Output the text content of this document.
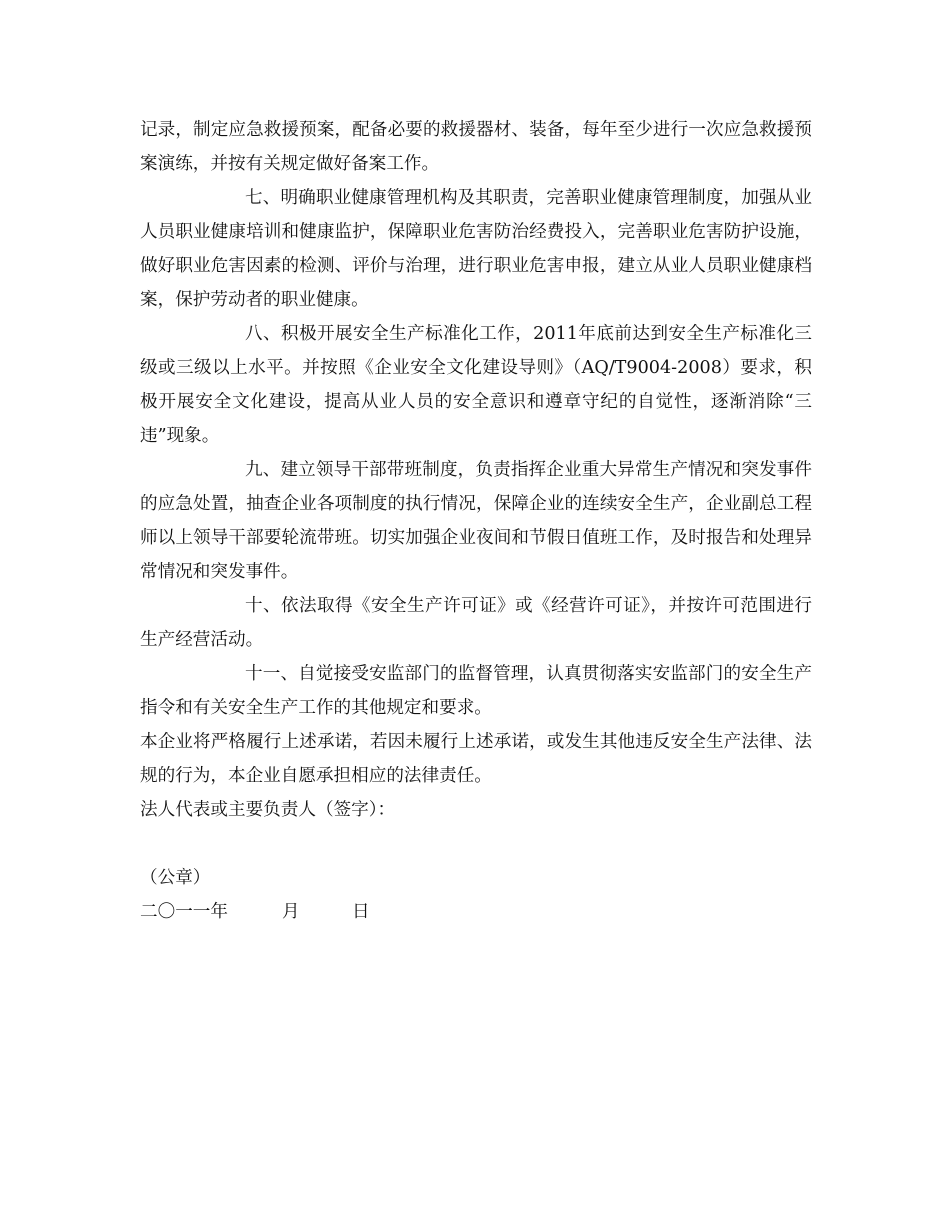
记录，制定应急救援预案，配备必要的救援器材、装备，每年至少进行一次应急救援预案演练，并按有关规定做好备案工作。

七、明确职业健康管理机构及其职责，完善职业健康管理制度，加强从业人员职业健康培训和健康监护，保障职业危害防治经费投入，完善职业危害防护设施，做好职业危害因素的检测、评价与治理，进行职业危害申报，建立从业人员职业健康档案，保护劳动者的职业健康。

八、积极开展安全生产标准化工作，2011年底前达到安全生产标准化三级或三级以上水平。并按照《企业安全文化建设导则》（AQ/T9004-2008）要求，积极开展安全文化建设，提高从业人员的安全意识和遵章守纪的自觉性，逐渐消除“三违”现象。

九、建立领导干部带班制度，负责指挥企业重大异常生产情况和突发事件的应急处置，抽查企业各项制度的执行情况，保障企业的连续安全生产，企业副总工程师以上领导干部要轮流带班。切实加强企业夜间和节假日值班工作，及时报告和处理异常情况和突发事件。

十、依法取得《安全生产许可证》或《经营许可证》，并按许可范围进行生产经营活动。

十一、自觉接受安监部门的监督管理，认真贯彻落实安监部门的安全生产指令和有关安全生产工作的其他规定和要求。

本企业将严格履行上述承诺，若因未履行上述承诺，或发生其他违反安全生产法律、法规的行为，本企业自愿承担相应的法律责任。

法人代表或主要负责人（签字）：

（公章）

二〇一一年	月	日
